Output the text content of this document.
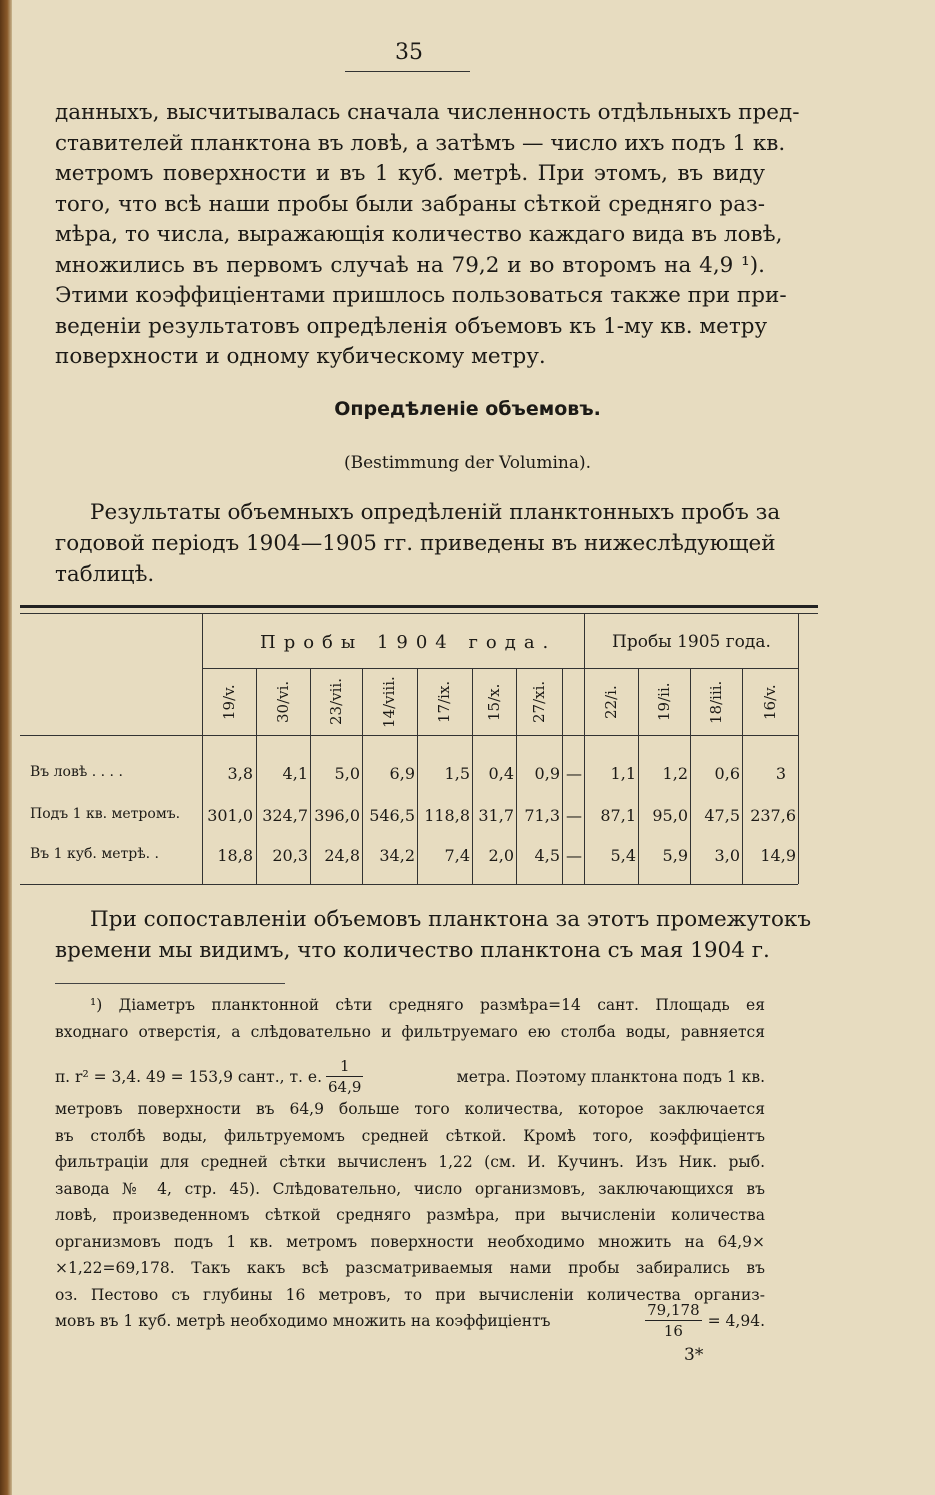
35
данныхъ, высчитывалась сначала численность отдѣльныхъ пред-
ставителей планктона въ ловѣ, а затѣмъ — число ихъ подъ 1 кв.
метромъ поверхности и въ 1 куб. метрѣ. При этомъ, въ виду
того, что всѣ наши пробы были забраны сѣткой средняго раз-
мѣра, то числа, выражающія количество каждаго вида въ ловѣ,
множились въ первомъ случаѣ на 79,2 и во второмъ на 4,9 ¹).
Этими коэффиціентами пришлось пользоваться также при при-
веденіи результатовъ опредѣленія объемовъ къ 1-му кв. метру
поверхности и одному кубическому метру.
Опредѣленіе объемовъ.
(Bestimmung der Volumina).
Результаты объемныхъ опредѣленій планктонныхъ пробъ за
годовой періодъ 1904—1905 гг. приведены въ нижеслѣдующей
таблицѣ.
Пробы 1904 года.	Пробы 1905 года.
19/v. 30/vi. 23/vii. 14/viii. 17/ix. 15/x. 27/xi.	22/i. 19/ii. 18/iii. 16/v.
Въ ловѣ . . . .	3,8	4,1	5,0	6,9	1,5	0,4	0,9 —	1,1	1,2	0,6	3
Подъ 1 кв. метромъ.	301,0 324,7 396,0 546,5 118,8 31,7 71,3 —	87,1	95,0	47,5 237,6
Въ 1 куб. метрѣ. .	18,8	20,3	24,8	34,2	7,4	2,0	4,5 —	5,4	5,9	3,0	14,9
При сопоставленіи объемовъ планктона за этотъ промежутокъ
времени мы видимъ, что количество планктона съ мая 1904 г.
¹) Діаметръ планктонной сѣти средняго размѣра=14 сант. Площадь ея
входнаго отверстія, а слѣдовательно и фильтруемаго ею столба воды, равняется
π. r² = 3,4. 49 = 153,9 сант., т. е. $\frac{1}{64,9}$	метра. Поэтому планктона подъ 1 кв.
метровъ поверхности въ 64,9 больше того количества, которое заключается
въ столбѣ воды, фильтруемомъ средней сѣткой. Кромѣ того, коэффиціентъ
фильтраціи для средней сѣтки вычисленъ 1,22 (см. И. Кучинъ. Изъ Ник. рыб.
завода № 4, стр. 45). Слѣдовательно, число организмовъ, заключающихся въ
ловѣ, произведенномъ сѣткой средняго размѣра, при вычисленіи количества
организмовъ подъ 1 кв. метромъ поверхности необходимо множить на 64,9×
×1,22=69,178. Такъ какъ всѣ разсматриваемыя нами пробы забирались въ
оз. Пестово съ глубины 16 метровъ, то при вычисленіи количества организ-
мовъ въ 1 куб. метрѣ необходимо множить на коэффиціентъ	$\frac{79,178}{16} = 4,94$.
3*
